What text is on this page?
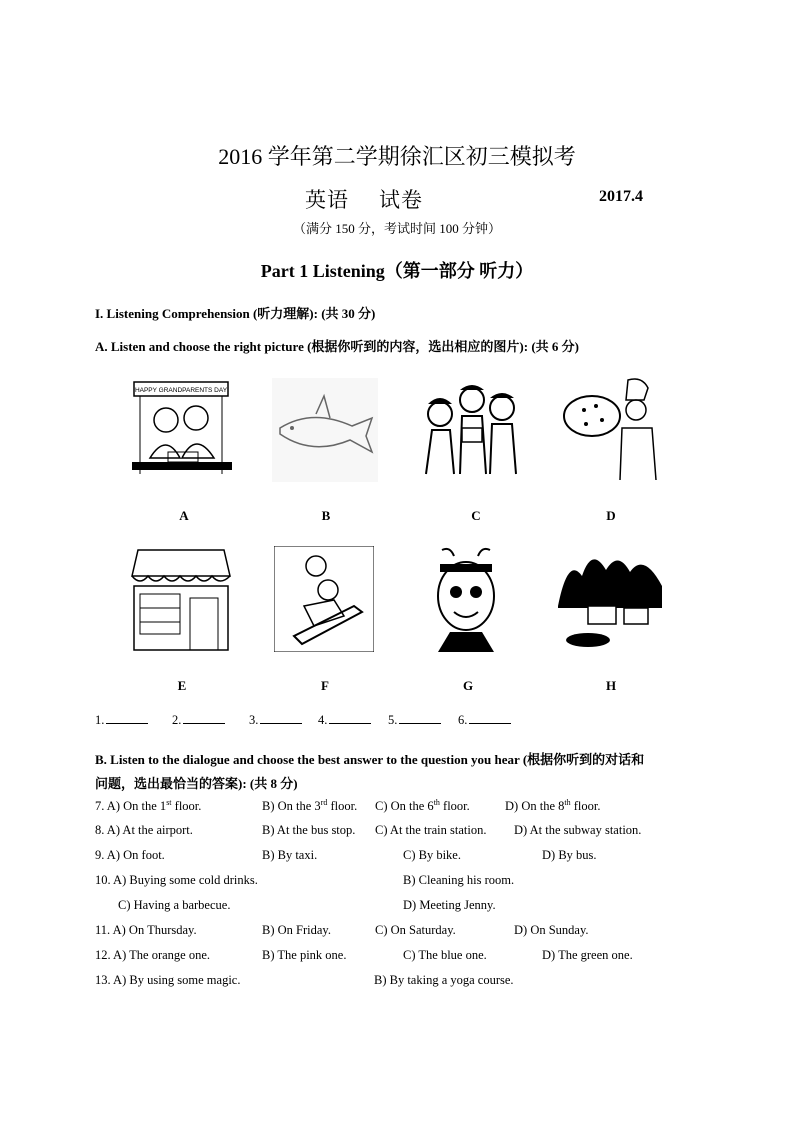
2016 学年第二学期徐汇区初三模拟考
英语 试卷	2017.4
（满分 150 分，考试时间 100 分钟）
Part 1 Listening（第一部分 听力）
I. Listening Comprehension (听力理解): (共 30 分)
A. Listen and choose the right picture (根据你听到的内容，选出相应的图片): (共 6 分)
HAPPY GRANDPARENTS DAY
A	B	C	D
E	F	G	H
1.	2.	3.	4.	5.	6.
B. Listen to the dialogue and choose the best answer to the question you hear (根据你听到的对话和
问题，选出最恰当的答案): (共 8 分)
7. A) On the 1st floor.	B) On the 3rd floor. C) On the 6th floor.	D) On the 8th floor.
8. A) At the airport.	B) At the bus stop. C) At the train station. D) At the subway station.
9. A) On foot.	B) By taxi.	C) By bike.	D) By bus.
10. A) Buying some cold drinks.	B) Cleaning his room.
C) Having a barbecue.	D) Meeting Jenny.
11. A) On Thursday.	B) On Friday.	C) On Saturday.	D) On Sunday.
12. A) The orange one.	B) The pink one.	C) The blue one.	D) The green one.
13. A) By using some magic.	B) By taking a yoga course.
